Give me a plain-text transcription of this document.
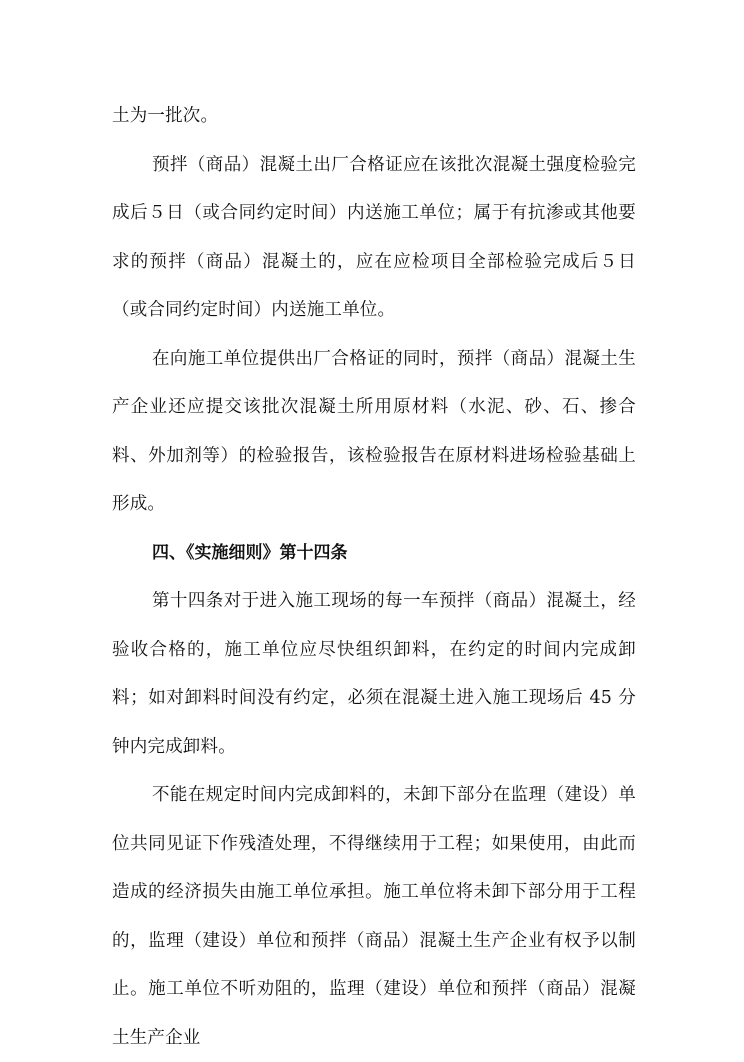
土为一批次。

预拌（商品）混凝土出厂合格证应在该批次混凝土强度检验完成后５日（或合同约定时间）内送施工单位；属于有抗渗或其他要求的预拌（商品）混凝土的，应在应检项目全部检验完成后５日（或合同约定时间）内送施工单位。

在向施工单位提供出厂合格证的同时，预拌（商品）混凝土生产企业还应提交该批次混凝土所用原材料（水泥、砂、石、掺合料、外加剂等）的检验报告，该检验报告在原材料进场检验基础上形成。

四、《实施细则》第十四条

第十四条对于进入施工现场的每一车预拌（商品）混凝土，经验收合格的，施工单位应尽快组织卸料，在约定的时间内完成卸料；如对卸料时间没有约定，必须在混凝土进入施工现场后 45 分钟内完成卸料。

不能在规定时间内完成卸料的，未卸下部分在监理（建设）单位共同见证下作残渣处理，不得继续用于工程；如果使用，由此而造成的经济损失由施工单位承担。施工单位将未卸下部分用于工程的，监理（建设）单位和预拌（商品）混凝土生产企业有权予以制止。施工单位不听劝阻的，监理（建设）单位和预拌（商品）混凝土生产企业
